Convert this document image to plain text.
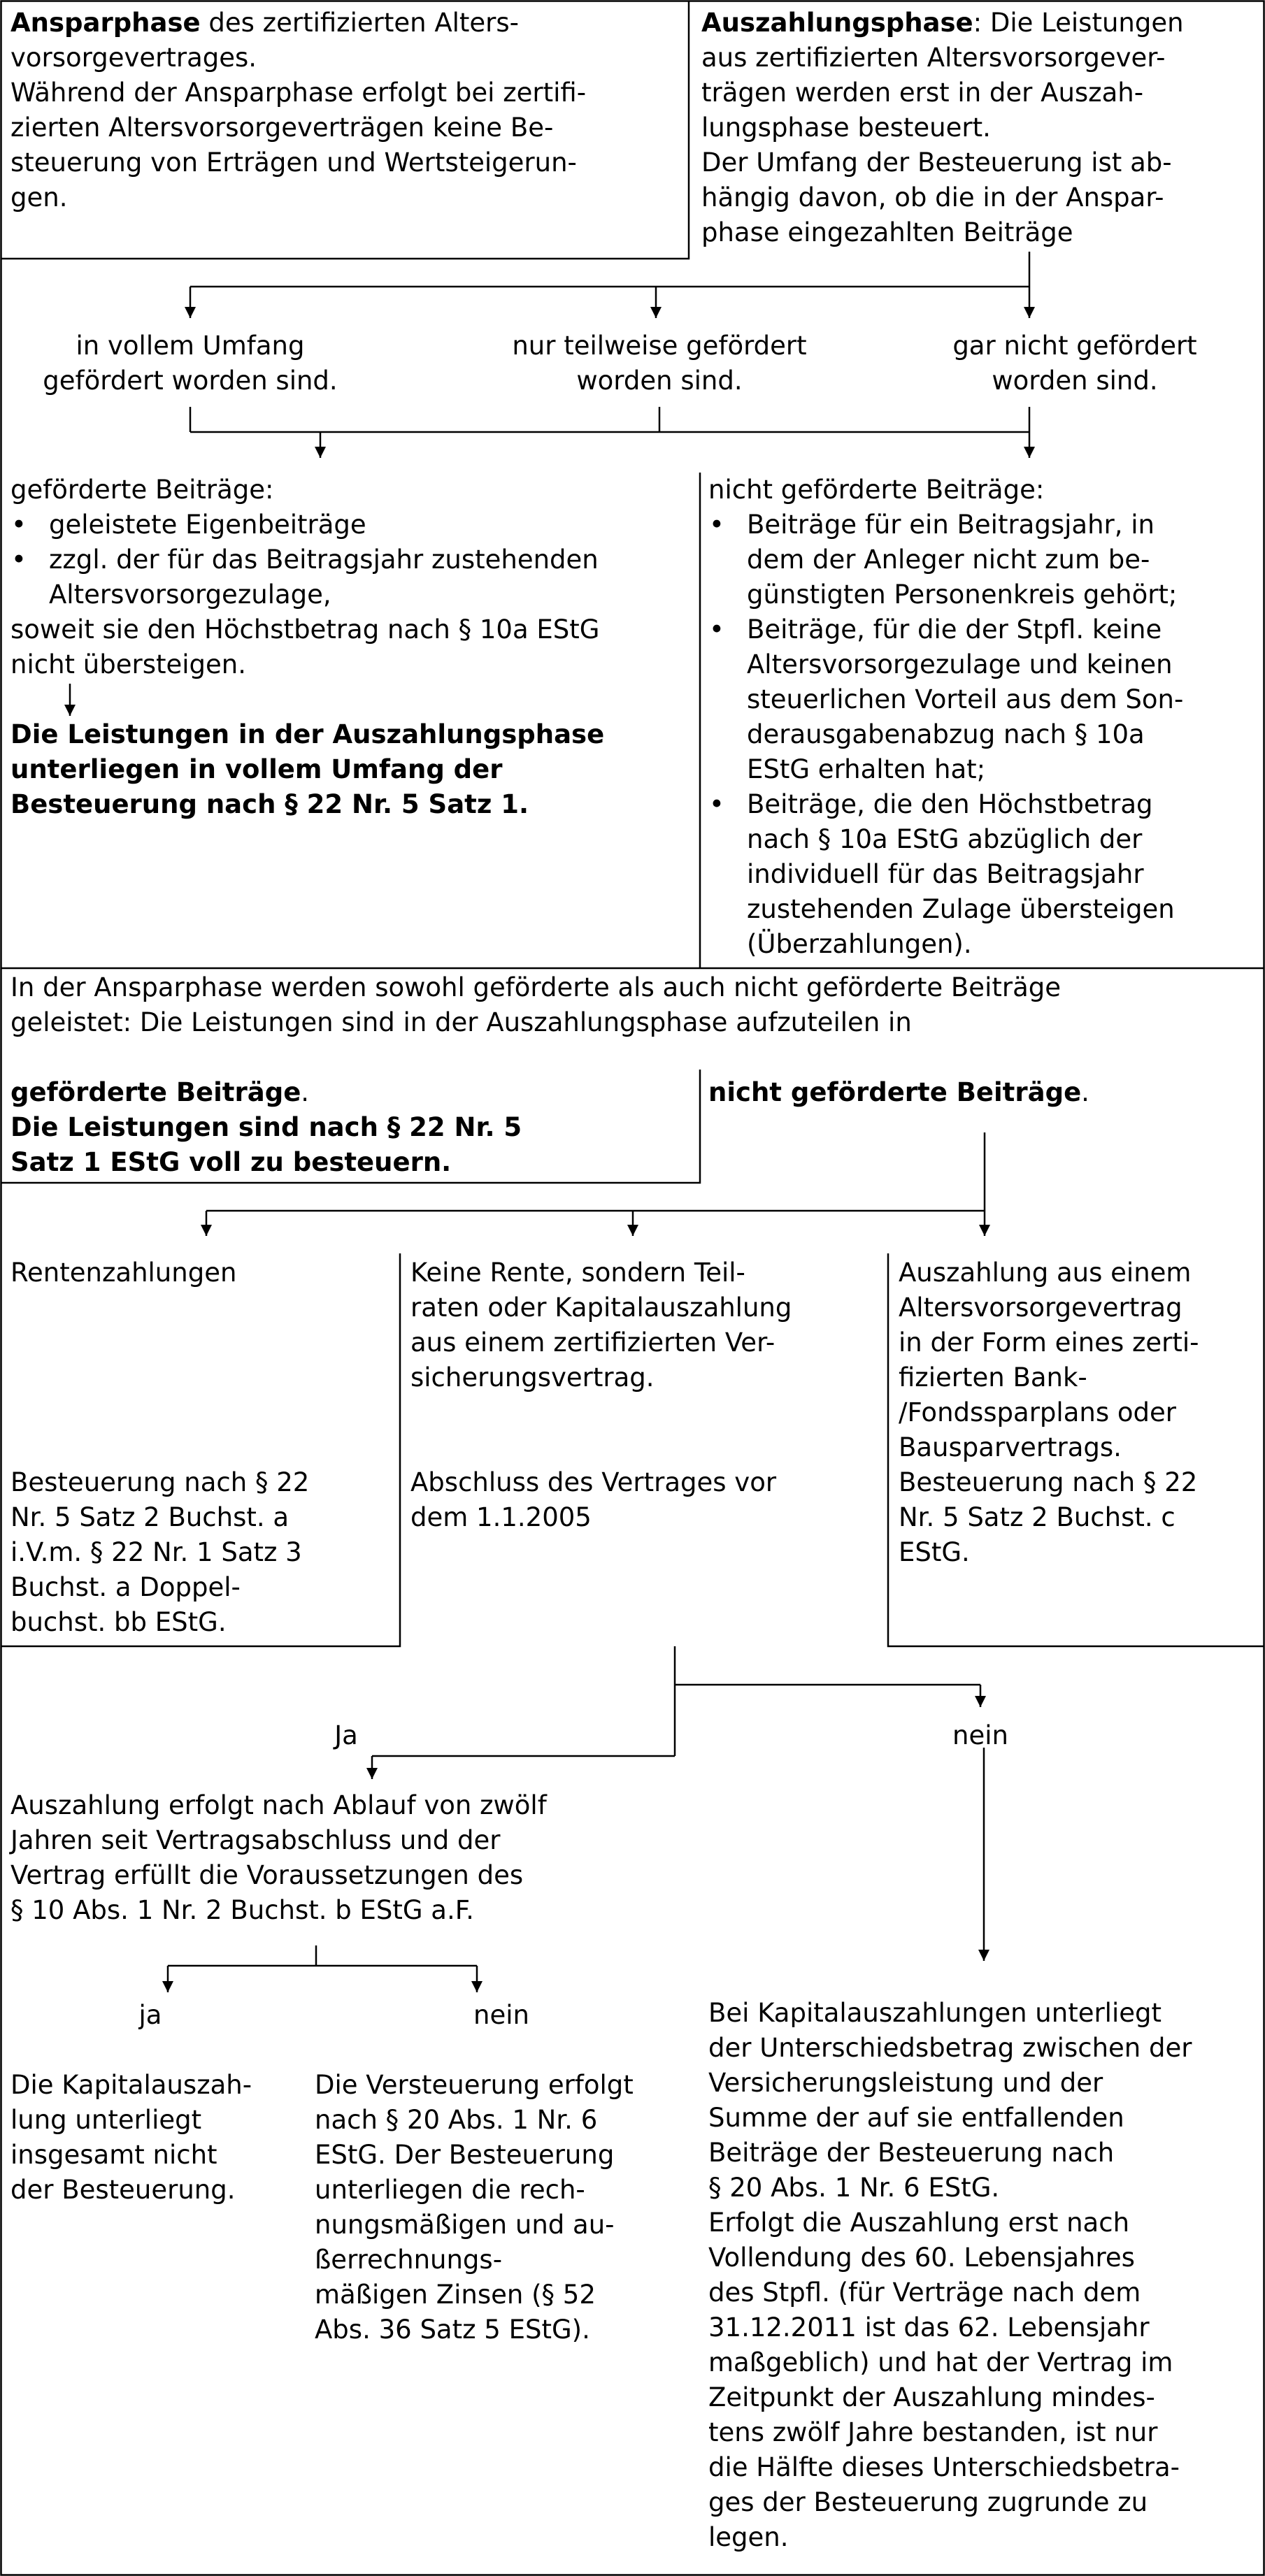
Ansparphase des zertifizierten Alters-
vorsorgevertrages.
Während der Ansparphase erfolgt bei zertifi-
zierten Altersvorsorgeverträgen keine Be-
steuerung von Erträgen und Wertsteigerun-
gen.
Auszahlungsphase: Die Leistungen
aus zertifizierten Altersvorsorgever-
trägen werden erst in der Auszah-
lungsphase besteuert.
Der Umfang der Besteuerung ist ab-
hängig davon, ob die in der Anspar-
phase eingezahlten Beiträge
in vollem Umfang
gefördert worden sind.
nur teilweise gefördert
worden sind.
gar nicht gefördert
worden sind.
geförderte Beiträge:
• geleistete Eigenbeiträge
• zzgl. der für das Beitragsjahr zustehenden
Altersvorsorgezulage,
soweit sie den Höchstbetrag nach § 10a EStG
nicht übersteigen.
Die Leistungen in der Auszahlungsphase
unterliegen in vollem Umfang der
Besteuerung nach § 22 Nr. 5 Satz 1.
nicht geförderte Beiträge:
• Beiträge für ein Beitragsjahr, in
dem der Anleger nicht zum be-
günstigten Personenkreis gehört;
• Beiträge, für die der Stpfl. keine
Altersvorsorgezulage und keinen
steuerlichen Vorteil aus dem Son-
derausgabenabzug nach § 10a
EStG erhalten hat;
• Beiträge, die den Höchstbetrag
nach § 10a EStG abzüglich der
individuell für das Beitragsjahr
zustehenden Zulage übersteigen
(Überzahlungen).
In der Ansparphase werden sowohl geförderte als auch nicht geförderte Beiträge
geleistet: Die Leistungen sind in der Auszahlungsphase aufzuteilen in
geförderte Beiträge.
Die Leistungen sind nach § 22 Nr. 5
Satz 1 EStG voll zu besteuern.
nicht geförderte Beiträge.
Rentenzahlungen
Besteuerung nach § 22
Nr. 5 Satz 2 Buchst. a
i.V.m. § 22 Nr. 1 Satz 3
Buchst. a Doppel-
buchst. bb EStG.
Keine Rente, sondern Teil-
raten oder Kapitalauszahlung
aus einem zertifizierten Ver-
sicherungsvertrag.
Abschluss des Vertrages vor
dem 1.1.2005
Auszahlung aus einem
Altersvorsorgevertrag
in der Form eines zerti-
fizierten Bank-
/Fondssparplans oder
Bausparvertrags.
Besteuerung nach § 22
Nr. 5 Satz 2 Buchst. c
EStG.
Ja	nein
Auszahlung erfolgt nach Ablauf von zwölf
Jahren seit Vertragsabschluss und der
Vertrag erfüllt die Voraussetzungen des
§ 10 Abs. 1 Nr. 2 Buchst. b EStG a.F.
ja	nein
Die Kapitalauszah-
lung unterliegt
insgesamt nicht
der Besteuerung.
Die Versteuerung erfolgt
nach § 20 Abs. 1 Nr. 6
EStG. Der Besteuerung
unterliegen die rech-
nungsmäßigen und au-
ßerrechnungs-
mäßigen Zinsen (§ 52
Abs. 36 Satz 5 EStG).
Bei Kapitalauszahlungen unterliegt
der Unterschiedsbetrag zwischen der
Versicherungsleistung und der
Summe der auf sie entfallenden
Beiträge der Besteuerung nach
§ 20 Abs. 1 Nr. 6 EStG.
Erfolgt die Auszahlung erst nach
Vollendung des 60. Lebensjahres
des Stpfl. (für Verträge nach dem
31.12.2011 ist das 62. Lebensjahr
maßgeblich) und hat der Vertrag im
Zeitpunkt der Auszahlung mindes-
tens zwölf Jahre bestanden, ist nur
die Hälfte dieses Unterschiedsbetra-
ges der Besteuerung zugrunde zu
legen.
